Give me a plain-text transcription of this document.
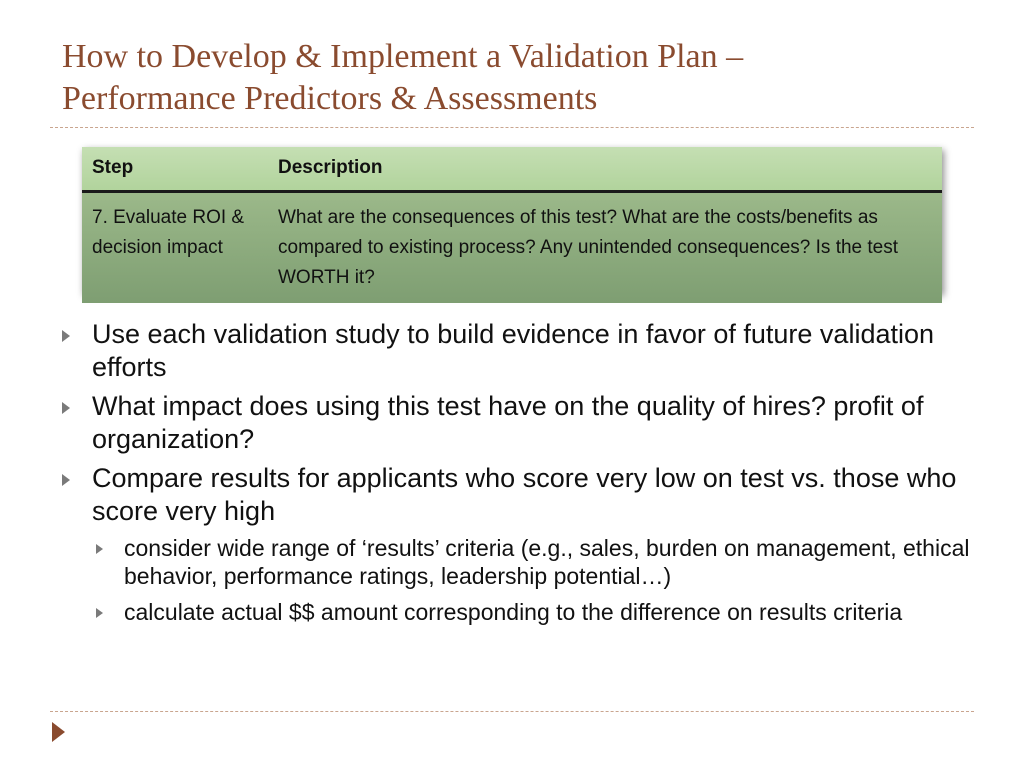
How to Develop & Implement a Validation Plan –
Performance Predictors & Assessments
Step	Description
7. Evaluate ROI & decision impact	What are the consequences of this test? What are the costs/benefits as compared to existing process? Any unintended consequences? Is the test WORTH it?
Use each validation study to build evidence in favor of future validation efforts
What impact does using this test have on the quality of hires? profit of organization?
Compare results for applicants who score very low on test vs. those who score very high
consider wide range of ‘results’ criteria (e.g., sales, burden on management, ethical behavior, performance ratings, leadership potential…)
calculate actual $$ amount corresponding to the difference on results criteria
